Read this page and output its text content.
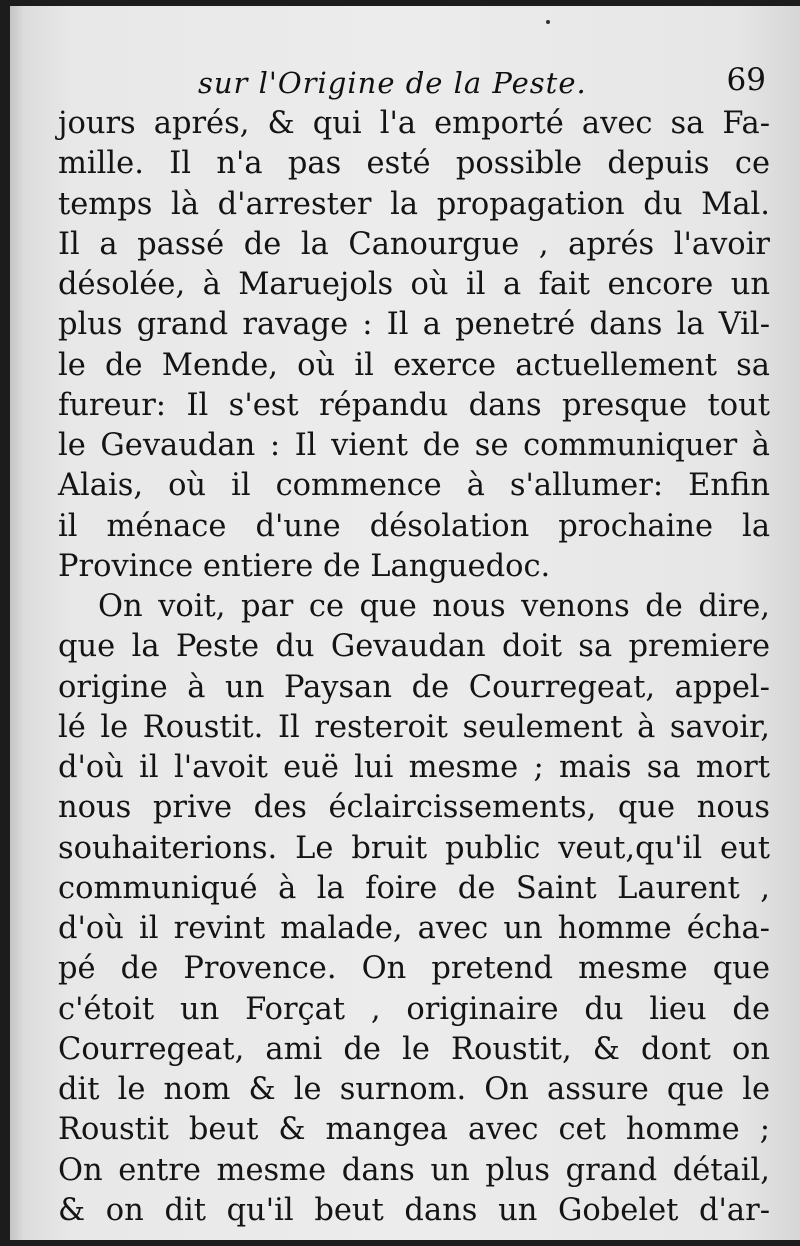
sur l'Origine de la Peste.	69
jours aprés, & qui l'a emporté avec sa Fa-
mille. Il n'a pas esté possible depuis ce
temps là d'arrester la propagation du Mal.
Il a passé de la Canourgue , aprés l'avoir
désolée, à Maruejols où il a fait encore un
plus grand ravage : Il a penetré dans la Vil-
le de Mende, où il exerce actuellement sa
fureur: Il s'est répandu dans presque tout
le Gevaudan : Il vient de se communiquer à
Alais, où il commence à s'allumer: Enfin
il ménace d'une désolation prochaine la
Province entiere de Languedoc.
On voit, par ce que nous venons de dire,
que la Peste du Gevaudan doit sa premiere
origine à un Paysan de Courregeat, appel-
lé le Roustit. Il resteroit seulement à savoir,
d'où il l'avoit euë lui mesme ; mais sa mort
nous prive des éclaircissements, que nous
souhaiterions. Le bruit public veut,qu'il eut
communiqué à la foire de Saint Laurent ,
d'où il revint malade, avec un homme écha-
pé de Provence. On pretend mesme que
c'étoit un Forçat , originaire du lieu de
Courregeat, ami de le Roustit, & dont on
dit le nom & le surnom. On assure que le
Roustit beut & mangea avec cet homme ;
On entre mesme dans un plus grand détail,
& on dit qu'il beut dans un Gobelet d'ar-
